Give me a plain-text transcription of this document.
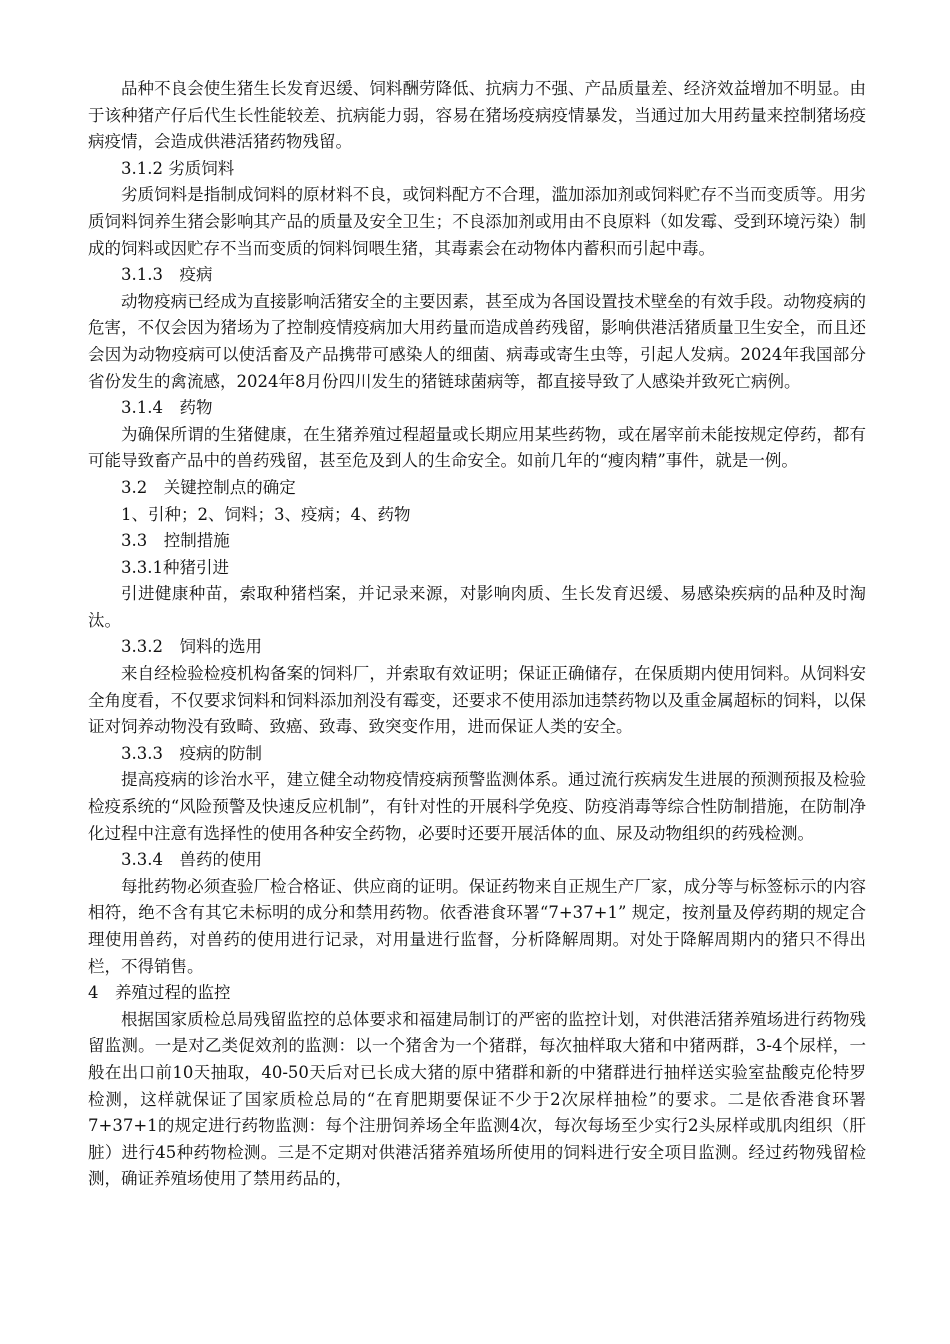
品种不良会使生猪生长发育迟缓、饲料酬劳降低、抗病力不强、产品质量差、经济效益增加不明显。由于该种猪产仔后代生长性能较差、抗病能力弱，容易在猪场疫病疫情暴发，当通过加大用药量来控制猪场疫病疫情，会造成供港活猪药物残留。

3.1.2 劣质饲料

劣质饲料是指制成饲料的原材料不良，或饲料配方不合理，滥加添加剂或饲料贮存不当而变质等。用劣质饲料饲养生猪会影响其产品的质量及安全卫生；不良添加剂或用由不良原料（如发霉、受到环境污染）制成的饲料或因贮存不当而变质的饲料饲喂生猪，其毒素会在动物体内蓄积而引起中毒。

3.1.3　疫病

动物疫病已经成为直接影响活猪安全的主要因素，甚至成为各国设置技术壁垒的有效手段。动物疫病的危害，不仅会因为猪场为了控制疫情疫病加大用药量而造成兽药残留，影响供港活猪质量卫生安全，而且还会因为动物疫病可以使活畜及产品携带可感染人的细菌、病毒或寄生虫等，引起人发病。2024年我国部分省份发生的禽流感，2024年8月份四川发生的猪链球菌病等，都直接导致了人感染并致死亡病例。

3.1.4　药物

为确保所谓的生猪健康，在生猪养殖过程超量或长期应用某些药物，或在屠宰前未能按规定停药，都有可能导致畜产品中的兽药残留，甚至危及到人的生命安全。如前几年的“瘦肉精”事件，就是一例。

3.2　关键控制点的确定

1、引种；2、饲料；3、疫病；4、药物

3.3　控制措施

3.3.1种猪引进

引进健康种苗，索取种猪档案，并记录来源，对影响肉质、生长发育迟缓、易感染疾病的品种及时淘汰。

3.3.2　饲料的选用

来自经检验检疫机构备案的饲料厂，并索取有效证明；保证正确储存，在保质期内使用饲料。从饲料安全角度看，不仅要求饲料和饲料添加剂没有霉变，还要求不使用添加违禁药物以及重金属超标的饲料，以保证对饲养动物没有致畸、致癌、致毒、致突变作用，进而保证人类的安全。

3.3.3　疫病的防制

提高疫病的诊治水平，建立健全动物疫情疫病预警监测体系。通过流行疾病发生进展的预测预报及检验检疫系统的“风险预警及快速反应机制”，有针对性的开展科学免疫、防疫消毒等综合性防制措施，在防制净化过程中注意有选择性的使用各种安全药物，必要时还要开展活体的血、尿及动物组织的药残检测。

3.3.4　兽药的使用

每批药物必须查验厂检合格证、供应商的证明。保证药物来自正规生产厂家，成分等与标签标示的内容相符，绝不含有其它未标明的成分和禁用药物。依香港食环署“7+37+1” 规定，按剂量及停药期的规定合理使用兽药，对兽药的使用进行记录，对用量进行监督，分析降解周期。对处于降解周期内的猪只不得出栏，不得销售。

4　养殖过程的监控

根据国家质检总局残留监控的总体要求和福建局制订的严密的监控计划，对供港活猪养殖场进行药物残留监测。一是对乙类促效剂的监测：以一个猪舍为一个猪群，每次抽样取大猪和中猪两群，3-4个尿样，一般在出口前10天抽取，40-50天后对已长成大猪的原中猪群和新的中猪群进行抽样送实验室盐酸克伦特罗检测，这样就保证了国家质检总局的“在育肥期要保证不少于2次尿样抽检”的要求。二是依香港食环署7+37+1的规定进行药物监测：每个注册饲养场全年监测4次，每次每场至少实行2头尿样或肌肉组织（肝脏）进行45种药物检测。三是不定期对供港活猪养殖场所使用的饲料进行安全项目监测。经过药物残留检测，确证养殖场使用了禁用药品的，
